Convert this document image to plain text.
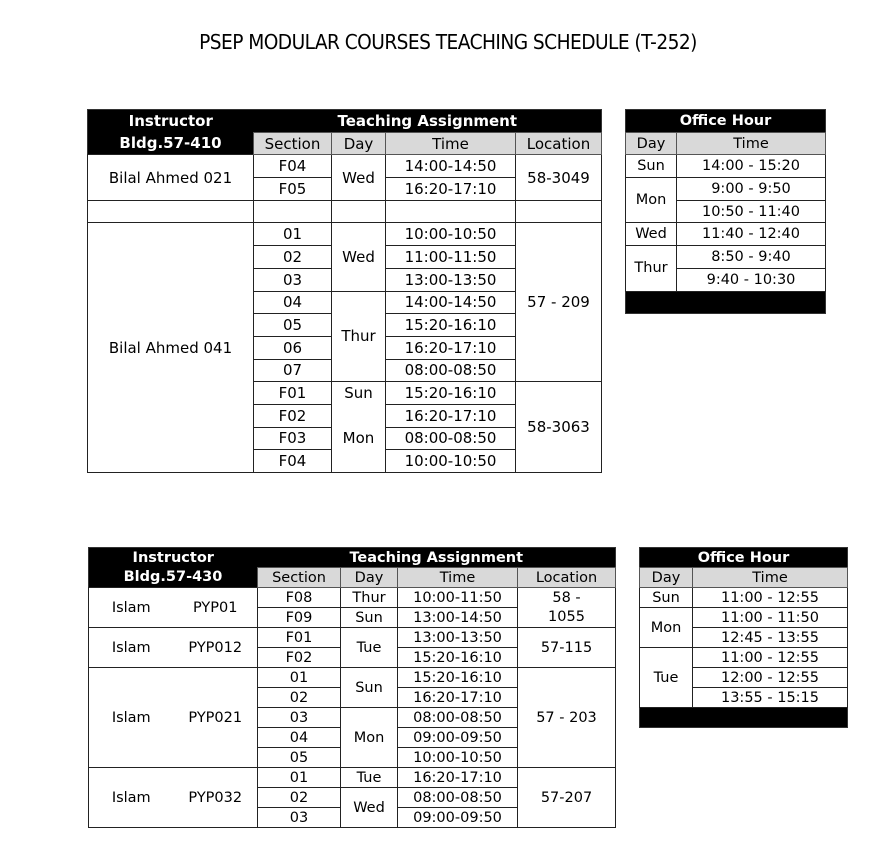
PSEP MODULAR COURSES TEACHING SCHEDULE (T-252)
Instructor	Teaching Assignment			
Bldg.57-410	Section	Day	Time	Location
Bilal Ahmed 021	F04	Wed	14:00-14:50	58-3049
	F05		16:20-17:10	

Bilal Ahmed 041	01	Wed	10:00-10:50	57 - 209
	02		11:00-11:50	
	03		13:00-13:50	
	04	Thur	14:00-14:50	
	05		15:20-16:10	
	06		16:20-17:10	
	07		08:00-08:50	
	F01	Sun	15:20-16:10	58-3063
	F02		16:20-17:10	
	F03	Mon	08:00-08:50	
	F04		10:00-10:50	
Office Hour	
Day	Time
Sun	14:00 - 15:20
Mon	9:00 - 9:50
	10:50 - 11:40
Wed	11:40 - 12:40
Thur	8:50 - 9:40
	9:40 - 10:30

Instructor		Teaching Assignment			
Bldg.57-430		Section	Day	Time	Location
Islam	PYP01	F08	Thur	10:00-11:50	58 -
		F09	Sun	13:00-14:50	1055
Islam	PYP012	F01	Tue	13:00-13:50	57-115
		F02		15:20-16:10	
Islam	PYP021	01	Sun	15:20-16:10	57 - 203
		02		16:20-17:10	
		03	Mon	08:00-08:50	
		04		09:00-09:50	
		05		10:00-10:50	
Islam	PYP032	01	Tue	16:20-17:10	57-207
		02	Wed	08:00-08:50	
		03		09:00-09:50	
Office Hour	
Day	Time
Sun	11:00 - 12:55
Mon	11:00 - 11:50
	12:45 - 13:55
Tue	11:00 - 12:55
	12:00 - 12:55
	13:55 - 15:15
